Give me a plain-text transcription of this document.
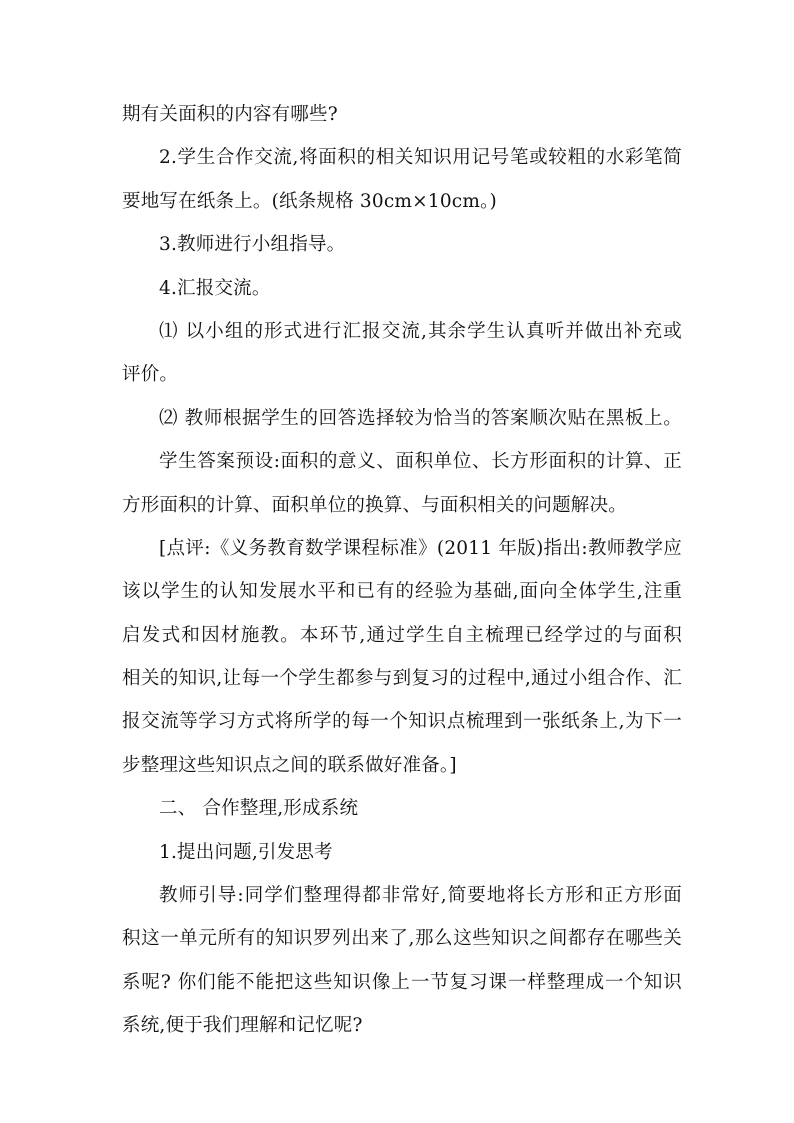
期有关面积的内容有哪些?

2.学生合作交流,将面积的相关知识用记号笔或较粗的水彩笔简

要地写在纸条上。(纸条规格 30cm×10cm。)

3.教师进行小组指导。

4.汇报交流。

⑴ 以小组的形式进行汇报交流,其余学生认真听并做出补充或

评价。

⑵ 教师根据学生的回答选择较为恰当的答案顺次贴在黑板上。

学生答案预设:面积的意义、面积单位、长方形面积的计算、正

方形面积的计算、面积单位的换算、与面积相关的问题解决。

[点评:《义务教育数学课程标准》(2011 年版)指出:教师教学应

该以学生的认知发展水平和已有的经验为基础,面向全体学生,注重

启发式和因材施教。本环节,通过学生自主梳理已经学过的与面积

相关的知识,让每一个学生都参与到复习的过程中,通过小组合作、汇

报交流等学习方式将所学的每一个知识点梳理到一张纸条上,为下一

步整理这些知识点之间的联系做好准备。]

二、 合作整理,形成系统

1.提出问题,引发思考

教师引导:同学们整理得都非常好,简要地将长方形和正方形面

积这一单元所有的知识罗列出来了,那么这些知识之间都存在哪些关

系呢? 你们能不能把这些知识像上一节复习课一样整理成一个知识

系统,便于我们理解和记忆呢?
